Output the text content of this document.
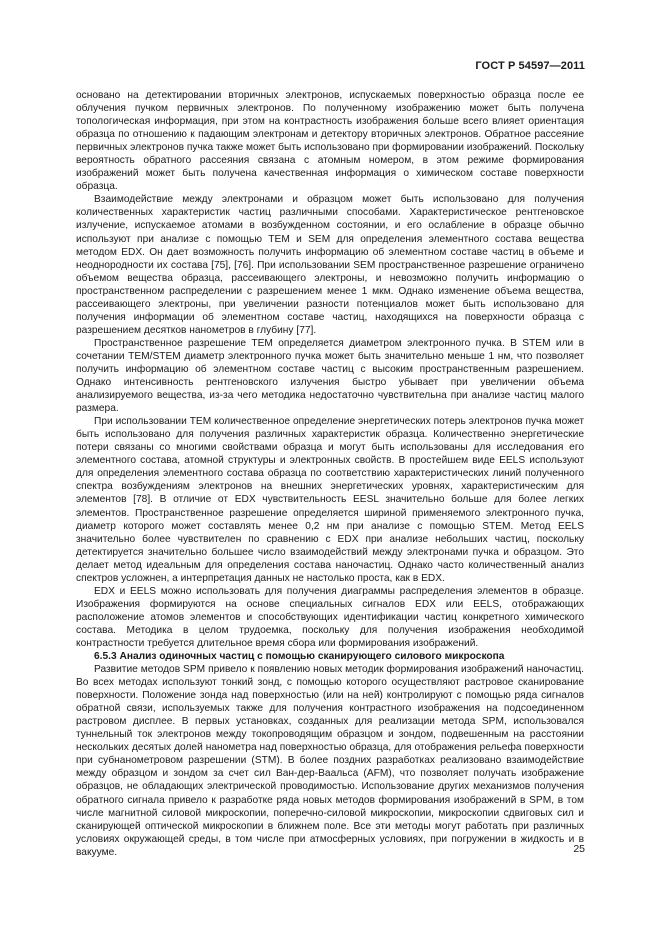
ГОСТ Р 54597—2011

основано на детектировании вторичных электронов, испускаемых поверхностью образца после ее облучения пучком первичных электронов. По полученному изображению может быть получена топологическая информация, при этом на контрастность изображения больше всего влияет ориентация образца по отношению к падающим электронам и детектору вторичных электронов. Обратное рассеяние первичных электронов пучка также может быть использовано при формировании изображений. Поскольку вероятность обратного рассеяния связана с атомным номером, в этом режиме формирования изображений может быть получена качественная информация о химическом составе поверхности образца.

Взаимодействие между электронами и образцом может быть использовано для получения количественных характеристик частиц различными способами. Характеристическое рентгеновское излучение, испускаемое атомами в возбужденном состоянии, и его ослабление в образце обычно используют при анализе с помощью TEM и SEM для определения элементного состава вещества методом EDX. Он дает возможность получить информацию об элементном составе частиц в объеме и неоднородности их состава [75], [76]. При использовании SEM пространственное разрешение ограничено объемом вещества образца, рассеивающего электроны, и невозможно получить информацию о пространственном распределении с разрешением менее 1 мкм. Однако изменение объема вещества, рассеивающего электроны, при увеличении разности потенциалов может быть использовано для получения информации об элементном составе частиц, находящихся на поверхности образца с разрешением десятков нанометров в глубину [77].

Пространственное разрешение TEM определяется диаметром электронного пучка. В STEM или в сочетании TEM/STEM диаметр электронного пучка может быть значительно меньше 1 нм, что позволяет получить информацию об элементном составе частиц с высоким пространственным разрешением. Однако интенсивность рентгеновского излучения быстро убывает при увеличении объема анализируемого вещества, из-за чего методика недостаточно чувствительна при анализе частиц малого размера.

При использовании TEM количественное определение энергетических потерь электронов пучка может быть использовано для получения различных характеристик образца. Количественно энергетические потери связаны со многими свойствами образца и могут быть использованы для исследования его элементного состава, атомной структуры и электронных свойств. В простейшем виде EELS используют для определения элементного состава образца по соответствию характеристических линий полученного спектра возбуждениям электронов на внешних энергетических уровнях, характеристическим для элементов [78]. В отличие от EDX чувствительность EESL значительно больше для более легких элементов. Пространственное разрешение определяется шириной применяемого электронного пучка, диаметр которого может составлять менее 0,2 нм при анализе с помощью STEM. Метод EELS значительно более чувствителен по сравнению с EDX при анализе небольших частиц, поскольку детектируется значительно большее число взаимодействий между электронами пучка и образцом. Это делает метод идеальным для определения состава наночастиц. Однако часто количественный анализ спектров усложнен, а интерпретация данных не настолько проста, как в EDX.

EDX и EELS можно использовать для получения диаграммы распределения элементов в образце. Изображения формируются на основе специальных сигналов EDX или EELS, отображающих расположение атомов элементов и способствующих идентификации частиц конкретного химического состава. Методика в целом трудоемка, поскольку для получения изображения необходимой контрастности требуется длительное время сбора или формирования изображений.

6.5.3 Анализ одиночных частиц с помощью сканирующего силового микроскопа

Развитие методов SPM привело к появлению новых методик формирования изображений наночастиц. Во всех методах используют тонкий зонд, с помощью которого осуществляют растровое сканирование поверхности. Положение зонда над поверхностью (или на ней) контролируют с помощью ряда сигналов обратной связи, используемых также для получения контрастного изображения на подсоединенном растровом дисплее. В первых установках, созданных для реализации метода SPM, использовался туннельный ток электронов между токопроводящим образцом и зондом, подвешенным на расстоянии нескольких десятых долей нанометра над поверхностью образца, для отображения рельефа поверхности при субнанометровом разрешении (STM). В более поздних разработках реализовано взаимодействие между образцом и зондом за счет сил Ван-дер-Ваальса (AFM), что позволяет получать изображение образцов, не обладающих электрической проводимостью. Использование других механизмов получения обратного сигнала привело к разработке ряда новых методов формирования изображений в SPM, в том числе магнитной силовой микроскопии, поперечно-силовой микроскопии, микроскопии сдвиговых сил и сканирующей оптической микроскопии в ближнем поле. Все эти методы могут работать при различных условиях окружающей среды, в том числе при атмосферных условиях, при погружении в жидкость и в вакууме.	25
